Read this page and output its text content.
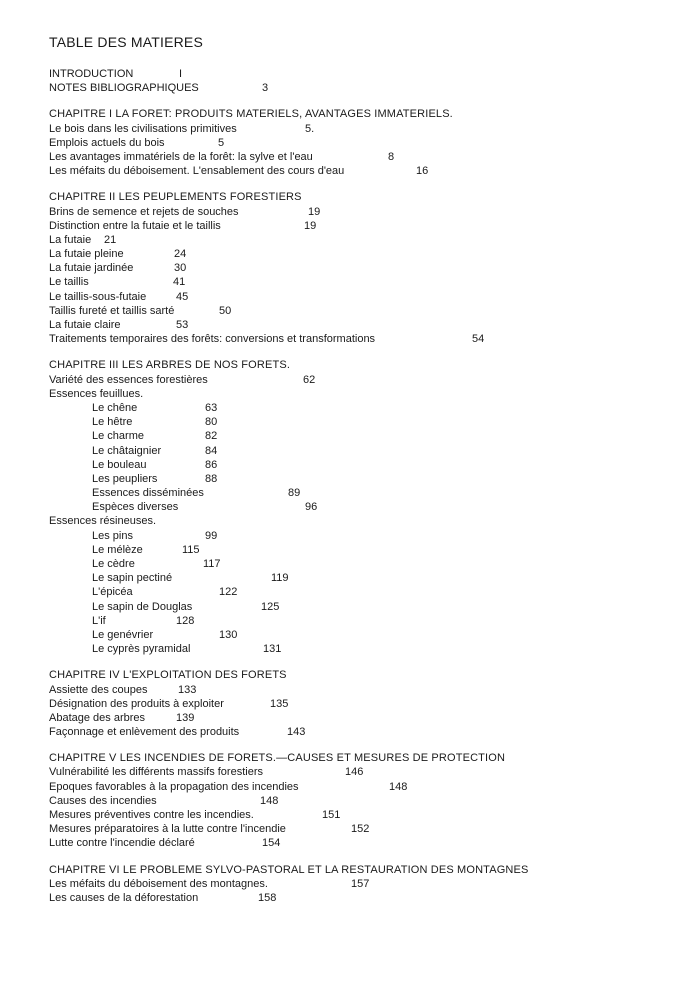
TABLE DES MATIERES
INTRODUCTION	I
NOTES BIBLIOGRAPHIQUES	3
CHAPITRE I LA FORET: PRODUITS MATERIELS, AVANTAGES IMMATERIELS.
Le bois dans les civilisations primitives	5.
Emplois actuels du bois	5
Les avantages immatériels de la forêt: la sylve et l'eau	8
Les méfaits du déboisement. L'ensablement des cours d'eau	16
CHAPITRE II LES PEUPLEMENTS FORESTIERS
Brins de semence et rejets de souches	19
Distinction entre la futaie et le taillis	19
La futaie 21
La futaie pleine	24
La futaie jardinée	30
Le taillis	41
Le taillis-sous-futaie	45
Taillis fureté et taillis sarté	50
La futaie claire	53
Traitements temporaires des forêts: conversions et transformations	54
CHAPITRE III LES ARBRES DE NOS FORETS.
Variété des essences forestières	62
Essences feuillues.
Le chêne	63
Le hêtre	80
Le charme	82
Le châtaignier	84
Le bouleau	86
Les peupliers	88
Essences disséminées	89
Espèces diverses	96
Essences résineuses.
Les pins	99
Le mélèze	115
Le cèdre	117
Le sapin pectiné	119
L'épicéa	122
Le sapin de Douglas	125
L'if	128
Le genévrier	130
Le cyprès pyramidal	131
CHAPITRE IV L'EXPLOITATION DES FORETS
Assiette des coupes	133
Désignation des produits à exploiter	135
Abatage des arbres	139
Façonnage et enlèvement des produits	143
CHAPITRE V LES INCENDIES DE FORETS.—CAUSES ET MESURES DE PROTECTION
Vulnérabilité les différents massifs forestiers	146
Epoques favorables à la propagation des incendies	148
Causes des incendies	148
Mesures préventives contre les incendies.	151
Mesures préparatoires à la lutte contre l'incendie	152
Lutte contre l'incendie déclaré	154
CHAPITRE VI LE PROBLEME SYLVO-PASTORAL ET LA RESTAURATION DES MONTAGNES
Les méfaits du déboisement des montagnes.	157
Les causes de la déforestation	158
